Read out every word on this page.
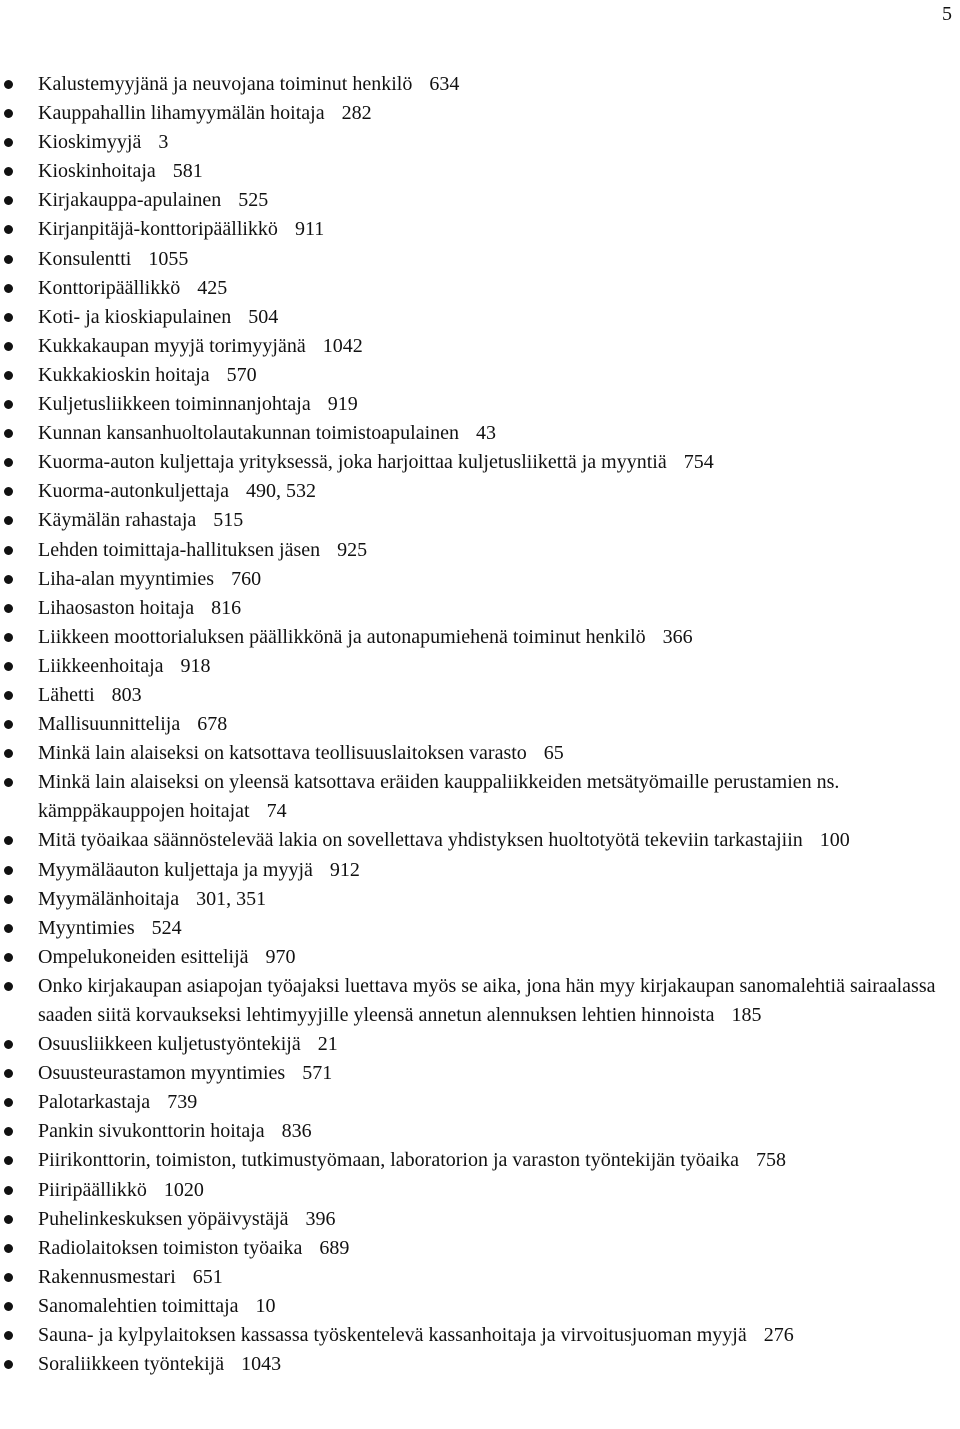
5
Kalustemyyjänä ja neuvojana toiminut henkilö 634
Kauppahallin lihamyymälän hoitaja 282
Kioskimyyjä 3
Kioskinhoitaja 581
Kirjakauppa-apulainen 525
Kirjanpitäjä-konttoripäällikkö 911
Konsulentti 1055
Konttoripäällikkö 425
Koti- ja kioskiapulainen 504
Kukkakaupan myyjä torimyyjänä 1042
Kukkakioskin hoitaja 570
Kuljetusliikkeen toiminnanjohtaja 919
Kunnan kansanhuoltolautakunnan toimistoapulainen 43
Kuorma-auton kuljettaja yrityksessä, joka harjoittaa kuljetusliikettä ja myyntiä 754
Kuorma-autonkuljettaja 490, 532
Käymälän rahastaja 515
Lehden toimittaja-hallituksen jäsen 925
Liha-alan myyntimies 760
Lihaosaston hoitaja 816
Liikkeen moottorialuksen päällikkönä ja autonapumiehenä toiminut henkilö 366
Liikkeenhoitaja 918
Lähetti 803
Mallisuunnittelija 678
Minkä lain alaiseksi on katsottava teollisuuslaitoksen varasto 65
Minkä lain alaiseksi on yleensä katsottava eräiden kauppaliikkeiden metsätyömaille perustamien ns. kämppäkauppojen hoitajat 74
Mitä työaikaa säännöstelevää lakia on sovellettava yhdistyksen huoltotyötä tekeviin tarkastajiin 100
Myymäläauton kuljettaja ja myyjä 912
Myymälänhoitaja 301, 351
Myyntimies 524
Ompelukoneiden esittelijä 970
Onko kirjakaupan asiapojan työajaksi luettava myös se aika, jona hän myy kirjakaupan sanomalehtiä sairaalassa saaden siitä korvaukseksi lehtimyyjille yleensä annetun alennuksen lehtien hinnoista 185
Osuusliikkeen kuljetustyöntekijä 21
Osuusteurastamon myyntimies 571
Palotarkastaja 739
Pankin sivukonttorin hoitaja 836
Piirikonttorin, toimiston, tutkimustyömaan, laboratorion ja varaston työntekijän työaika 758
Piiripäällikkö 1020
Puhelinkeskuksen yöpäivystäjä 396
Radiolaitoksen toimiston työaika 689
Rakennusmestari 651
Sanomalehtien toimittaja 10
Sauna- ja kylpylaitoksen kassassa työskentelevä kassanhoitaja ja virvoitusjuoman myyjä 276
Soraliikkeen työntekijä 1043
